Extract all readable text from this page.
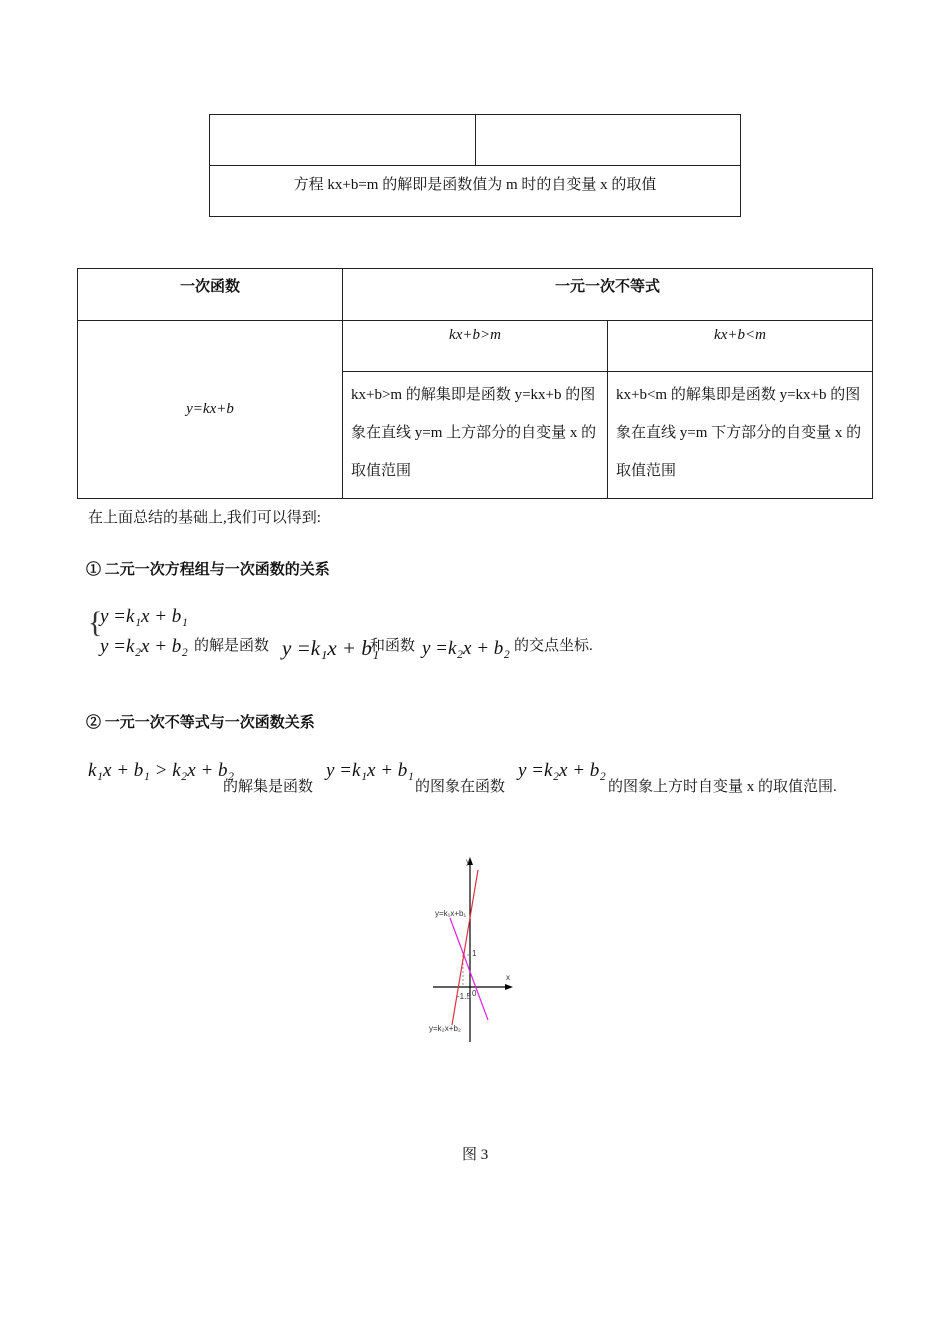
方程 kx+b=m 的解即是函数值为 m 时的自变量 x 的取值
一次函数	一元一次不等式	
y=kx+b	kx+b>m	kx+b<m
	kx+b>m 的解集即是函数 y=kx+b 的图象在直线 y=m 上方部分的自变量 x 的取值范围	kx+b<m 的解集即是函数 y=kx+b 的图象在直线 y=m 下方部分的自变量 x 的取值范围
在上面总结的基础上,我们可以得到:
① 二元一次方程组与一次函数的关系
{
y =k₁x + b₁
y =k₂x + b₂ 的解是函数 y =k₁x + b₁
和函数 y =k₂x + b₂ 的交点坐标.
② 一元一次不等式与一次函数关系
k₁x + b₁ > k₂x + b₂
的解集是函数
y =k₁x + b₁
的图象在函数
y =k₂x + b₂
的图象上方时自变量 x 的取值范围.
y
x
0
1
-1.5
y=k₁x+b₁
y=k₂x+b₂
图 3
